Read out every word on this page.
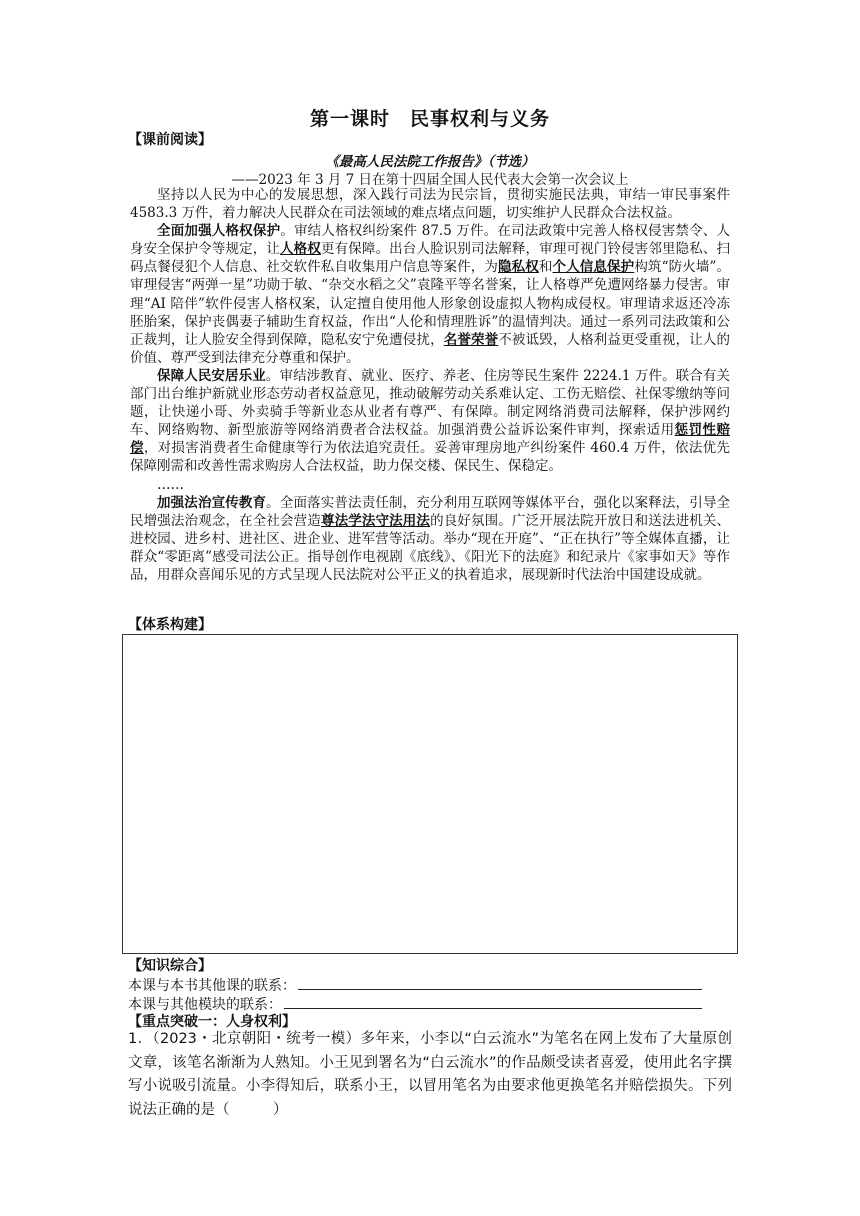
第一课时　民事权利与义务
【课前阅读】
《最高人民法院工作报告》（节选）
——2023 年 3 月 7 日在第十四届全国人民代表大会第一次会议上

坚持以人民为中心的发展思想，深入践行司法为民宗旨，贯彻实施民法典，审结一审民事案件 4583.3 万件，着力解决人民群众在司法领域的难点堵点问题，切实维护人民群众合法权益。

全面加强人格权保护。审结人格权纠纷案件 87.5 万件。在司法政策中完善人格权侵害禁令、人身安全保护令等规定，让人格权更有保障。出台人脸识别司法解释，审理可视门铃侵害邻里隐私、扫码点餐侵犯个人信息、社交软件私自收集用户信息等案件，为隐私权和个人信息保护构筑“防火墙”。审理侵害“两弹一星”功勋于敏、“杂交水稻之父”袁隆平等名誉案，让人格尊严免遭网络暴力侵害。审理“AI 陪伴”软件侵害人格权案，认定擅自使用他人形象创设虚拟人物构成侵权。审理请求返还冷冻胚胎案，保护丧偶妻子辅助生育权益，作出“人伦和情理胜诉”的温情判决。通过一系列司法政策和公正裁判，让人脸安全得到保障，隐私安宁免遭侵扰，名誉荣誉不被诋毁，人格利益更受重视，让人的价值、尊严受到法律充分尊重和保护。

保障人民安居乐业。审结涉教育、就业、医疗、养老、住房等民生案件 2224.1 万件。联合有关部门出台维护新就业形态劳动者权益意见，推动破解劳动关系难认定、工伤无赔偿、社保零缴纳等问题，让快递小哥、外卖骑手等新业态从业者有尊严、有保障。制定网络消费司法解释，保护涉网约车、网络购物、新型旅游等网络消费者合法权益。加强消费公益诉讼案件审判，探索适用惩罚性赔偿，对损害消费者生命健康等行为依法追究责任。妥善审理房地产纠纷案件 460.4 万件，依法优先保障刚需和改善性需求购房人合法权益，助力保交楼、保民生、保稳定。

……

加强法治宣传教育。全面落实普法责任制，充分利用互联网等媒体平台，强化以案释法，引导全民增强法治观念，在全社会营造尊法学法守法用法的良好氛围。广泛开展法院开放日和送法进机关、进校园、进乡村、进社区、进企业、进军营等活动。举办“现在开庭”、“正在执行”等全媒体直播，让群众“零距离”感受司法公正。指导创作电视剧《底线》、《阳光下的法庭》和纪录片《家事如天》等作品，用群众喜闻乐见的方式呈现人民法院对公平正义的执着追求，展现新时代法治中国建设成就。

【体系构建】
【知识综合】
本课与本书其他课的联系：
本课与其他模块的联系：
【重点突破一：人身权利】
1．（2023・北京朝阳・统考一模）多年来，小李以“白云流水”为笔名在网上发布了大量原创文章，该笔名渐渐为人熟知。小王见到署名为“白云流水”的作品颇受读者喜爱，使用此名字撰写小说吸引流量。小李得知后，联系小王，以冒用笔名为由要求他更换笔名并赔偿损失。下列说法正确的是（　　　）
